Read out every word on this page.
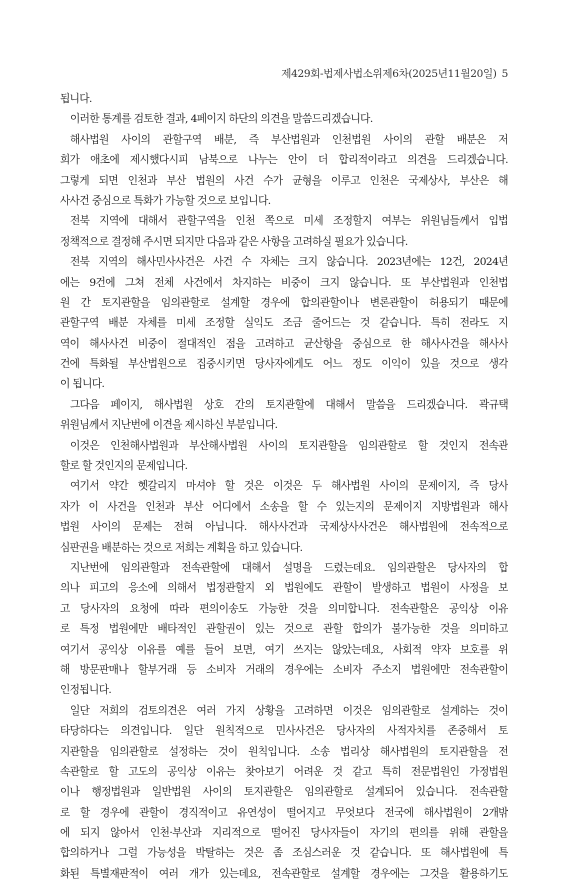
제429회-법제사법소위제6차(2025년11월20일) 5
됩니다.
이러한 통계를 검토한 결과, 4페이지 하단의 의견을 말씀드리겠습니다.
해사법원 사이의 관할구역 배분, 즉 부산법원과 인천법원 사이의 관할 배분은 저
희가 애초에 제시했다시피 남북으로 나누는 안이 더 합리적이라고 의견을 드리겠습니다.
그렇게 되면 인천과 부산 법원의 사건 수가 균형을 이루고 인천은 국제상사, 부산은 해
사사건 중심으로 특화가 가능할 것으로 보입니다.
전북 지역에 대해서 관할구역을 인천 쪽으로 미세 조정할지 여부는 위원님들께서 입법
정책적으로 결정해 주시면 되지만 다음과 같은 사항을 고려하실 필요가 있습니다.
전북 지역의 해사민사사건은 사건 수 자체는 크지 않습니다. 2023년에는 12건, 2024년
에는 9건에 그쳐 전체 사건에서 차지하는 비중이 크지 않습니다. 또 부산법원과 인천법
원 간 토지관할을 임의관할로 설계할 경우에 합의관할이나 변론관할이 허용되기 때문에
관할구역 배분 자체를 미세 조정할 실익도 조금 줄어드는 것 같습니다. 특히 전라도 지
역이 해사사건 비중이 절대적인 점을 고려하고 균산항을 중심으로 한 해사사건을 해사사
건에 특화될 부산법원으로 집중시키면 당사자에게도 어느 정도 이익이 있을 것으로 생각
이 됩니다.
그다음 페이지, 해사법원 상호 간의 토지관할에 대해서 말씀을 드리겠습니다. 곽규택
위원님께서 지난번에 이견을 제시하신 부분입니다.
이것은 인천해사법원과 부산해사법원 사이의 토지관할을 임의관할로 할 것인지 전속관
할로 할 것인지의 문제입니다.
여기서 약간 헷갈리지 마셔야 할 것은 이것은 두 해사법원 사이의 문제이지, 즉 당사
자가 이 사건을 인천과 부산 어디에서 소송을 할 수 있는지의 문제이지 지방법원과 해사
법원 사이의 문제는 전혀 아닙니다. 해사사건과 국제상사사건은 해사법원에 전속적으로
심판권을 배분하는 것으로 저희는 계획을 하고 있습니다.
지난번에 임의관할과 전속관할에 대해서 설명을 드렸는데요. 임의관할은 당사자의 합
의나 피고의 응소에 의해서 법정관할지 외 법원에도 관할이 발생하고 법원이 사정을 보
고 당사자의 요청에 따라 편의이송도 가능한 것을 의미합니다. 전속관할은 공익상 이유
로 특정 법원에만 배타적인 관할권이 있는 것으로 관할 합의가 불가능한 것을 의미하고
여기서 공익상 이유를 예를 들어 보면, 여기 쓰지는 않았는데요, 사회적 약자 보호를 위
해 방문판매나 할부거래 등 소비자 거래의 경우에는 소비자 주소지 법원에만 전속관할이
인정됩니다.
일단 저희의 검토의견은 여러 가지 상황을 고려하면 이것은 임의관할로 설계하는 것이
타당하다는 의견입니다. 일단 원칙적으로 민사사건은 당사자의 사적자치를 존중해서 토
지관할을 임의관할로 설정하는 것이 원칙입니다. 소송 법리상 해사법원의 토지관할을 전
속관할로 할 고도의 공익상 이유는 찾아보기 어려운 것 같고 특히 전문법원인 가정법원
이나 행정법원과 일반법원 사이의 토지관할은 임의관할로 설계되어 있습니다. 전속관할
로 할 경우에 관할이 경직적이고 유연성이 떨어지고 무엇보다 전국에 해사법원이 2개밖
에 되지 않아서 인천·부산과 지리적으로 떨어진 당사자들이 자기의 편의를 위해 관할을
합의하거나 그럴 가능성을 박탈하는 것은 좀 조심스러운 것 같습니다. 또 해사법원에 특
화된 특별재판적이 여러 개가 있는데요, 전속관할로 설계할 경우에는 그것을 활용하기도
